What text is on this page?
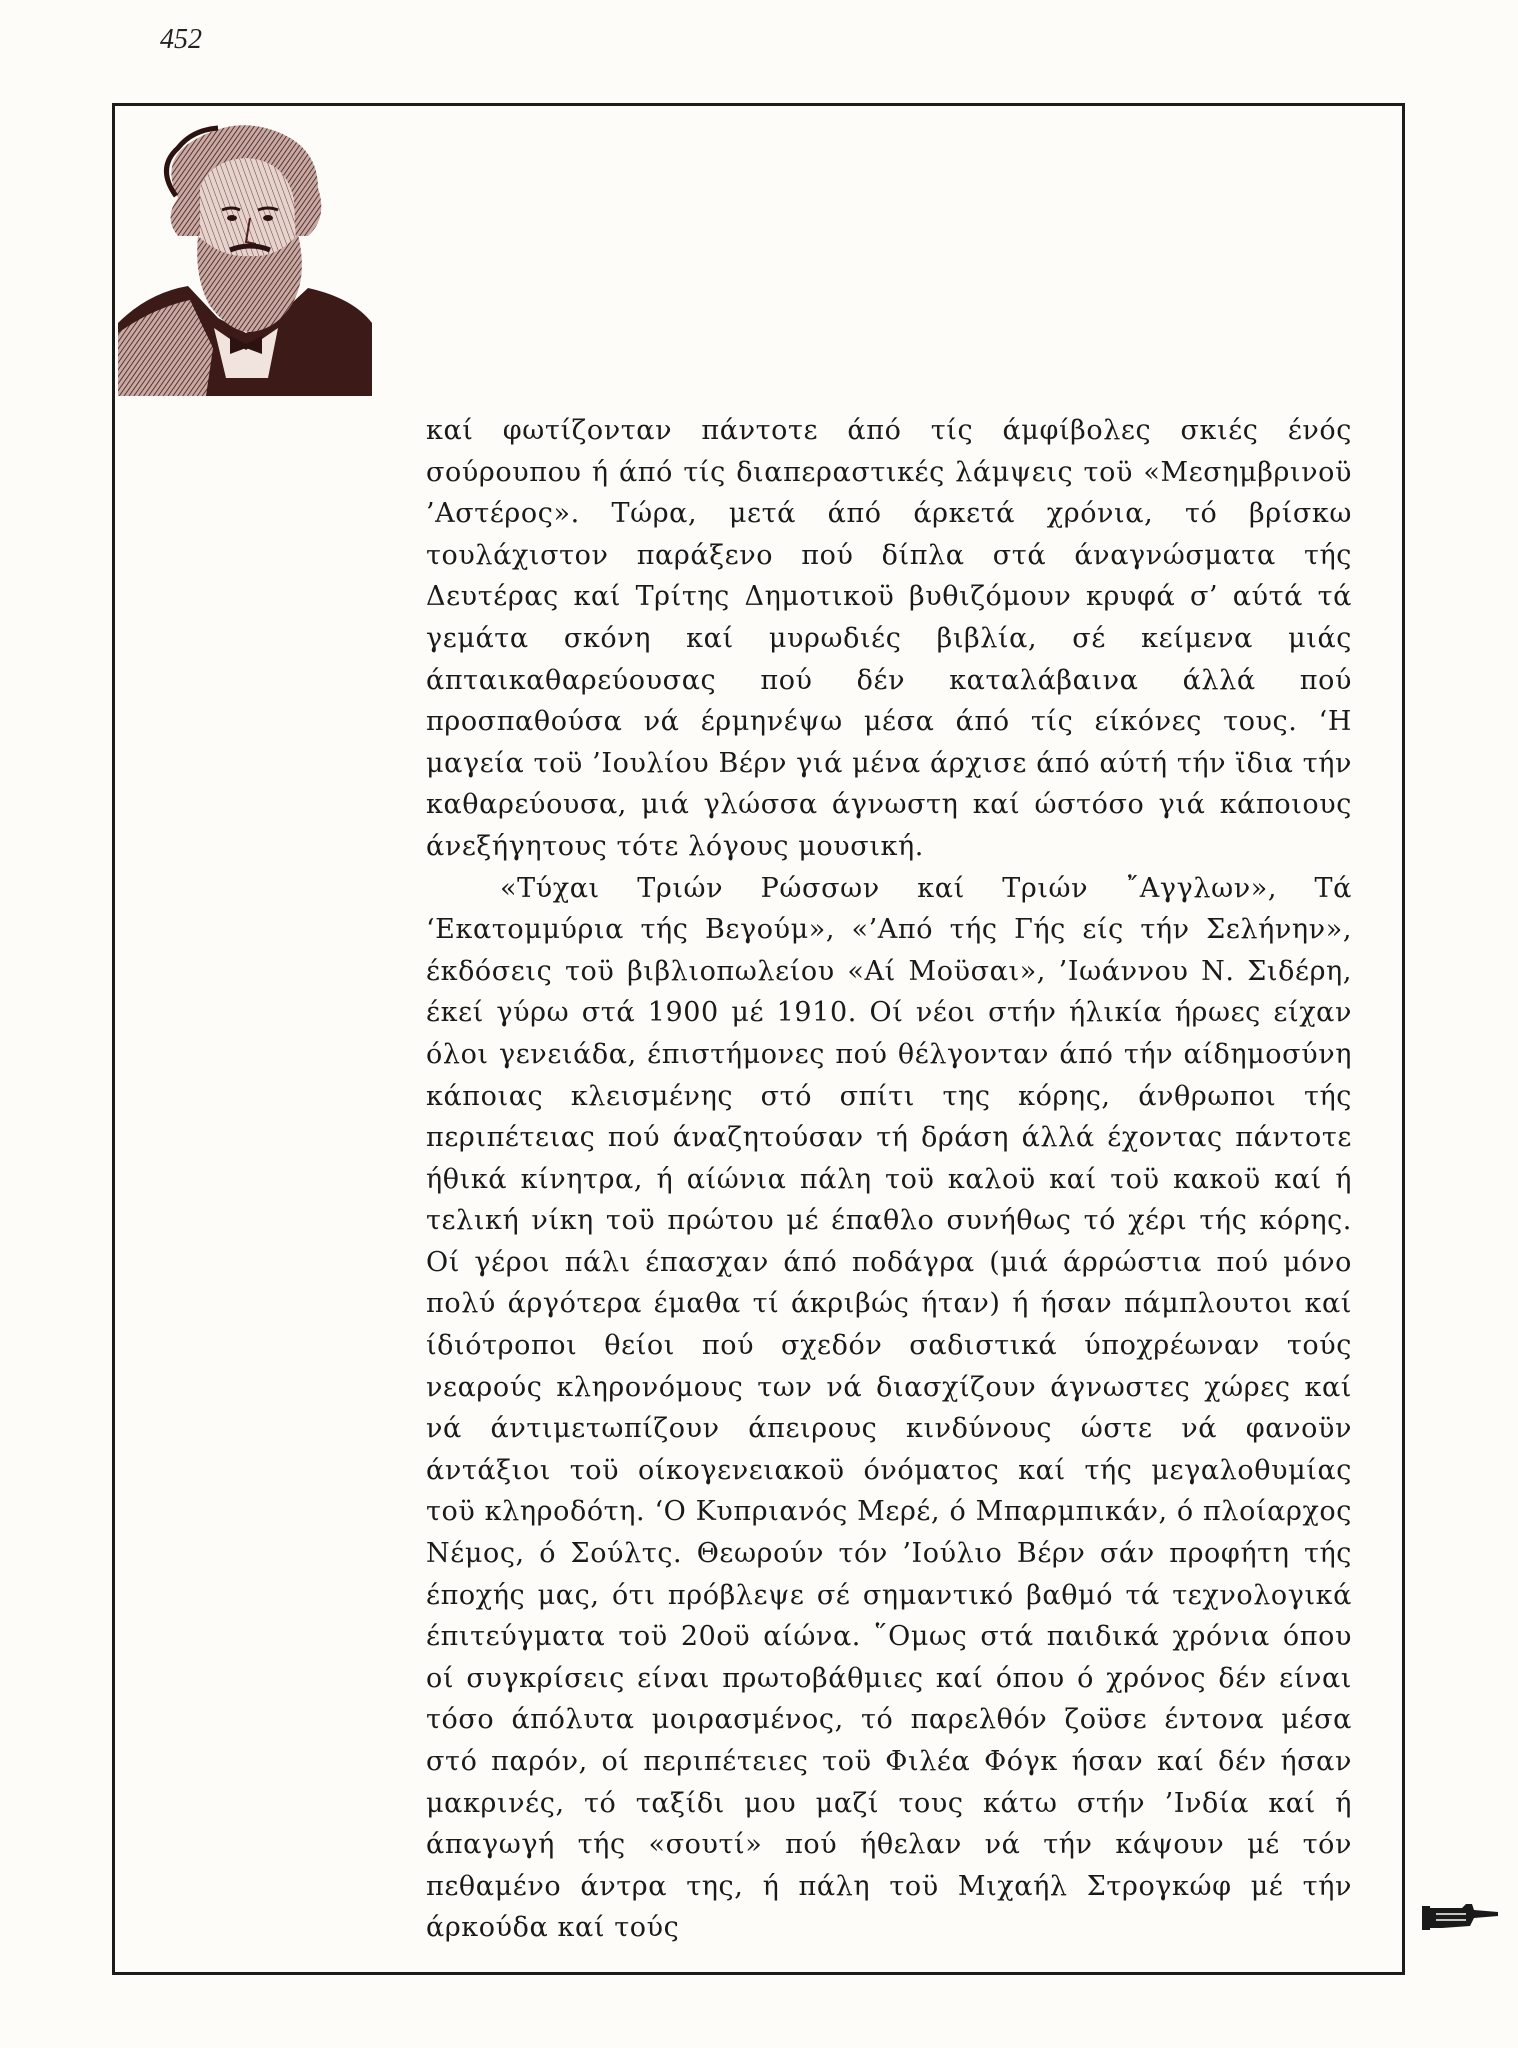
452

καί φωτίζονταν πάντοτε άπό τίς άμφίβολες σκιές ένός σούρουπου ή άπό τίς διαπεραστικές λάμψεις τοϋ «Μεσημβρινοϋ ’Αστέρος». Τώρα, μετά άπό άρκετά χρόνια, τό βρίσκω τουλάχιστον παράξενο πού δίπλα στά άναγνώσματα τής Δευτέρας καί Τρίτης Δημοτικοϋ βυθιζόμουν κρυφά σ’ αύτά τά γεμάτα σκόνη καί μυρωδιές βιβλία, σέ κείμενα μιάς άπταικαθαρεύουσας πού δέν καταλάβαινα άλλά πού προσπαθούσα νά έρμηνέψω μέσα άπό τίς είκόνες τους. ‘Η μαγεία τοϋ ’Ιουλίου Βέρν γιά μένα άρχισε άπό αύτή τήν ϊδια τήν καθαρεύουσα, μιά γλώσσα άγνωστη καί ώστόσο γιά κάποιους άνεξήγητους τότε λόγους μουσική.

«Τύχαι Τριών Ρώσσων καί Τριών ῎Αγγλων», Τά ‘Εκατομμύρια τής Βεγούμ», «’Από τής Γής είς τήν Σελήνην», έκδόσεις τοϋ βιβλιοπωλείου «Αί Μοϋσαι», ’Ιωάννου Ν. Σιδέρη, έκεί γύρω στά 1900 μέ 1910. Οί νέοι στήν ήλικία ήρωες είχαν όλοι γενειάδα, έπιστήμονες πού θέλγονταν άπό τήν αίδημοσύνη κάποιας κλεισμένης στό σπίτι της κόρης, άνθρωποι τής περιπέτειας πού άναζητούσαν τή δράση άλλά έχοντας πάντοτε ήθικά κίνητρα, ή αίώνια πάλη τοϋ καλοϋ καί τοϋ κακοϋ καί ή τελική νίκη τοϋ πρώτου μέ έπαθλο συνήθως τό χέρι τής κόρης. Οί γέροι πάλι έπασχαν άπό ποδάγρα (μιά άρρώστια πού μόνο πολύ άργότερα έμαθα τί άκριβώς ήταν) ή ήσαν πάμπλουτοι καί ίδιότροποι θείοι πού σχεδόν σαδιστικά ύποχρέωναν τούς νεαρούς κληρονόμους των νά διασχίζουν άγνωστες χώρες καί νά άντιμετωπίζουν άπειρους κινδύνους ώστε νά φανοϋν άντάξιοι τοϋ οίκογενειακοϋ όνόματος καί τής μεγαλοθυμίας τοϋ κληροδότη. ‘Ο Κυπριανός Μερέ, ό Μπαρμπικάν, ό πλοίαρχος Νέμος, ό Σούλτς. Θεωρούν τόν ’Ιούλιο Βέρν σάν προφήτη τής έποχής μας, ότι πρόβλεψε σέ σημαντικό βαθμό τά τεχνολογικά έπιτεύγματα τοϋ 20οϋ αίώνα. ῞Ομως στά παιδικά χρόνια όπου οί συγκρίσεις είναι πρωτοβάθμιες καί όπου ό χρόνος δέν είναι τόσο άπόλυτα μοιρασμένος, τό παρελθόν ζοϋσε έντονα μέσα στό παρόν, οί περιπέτειες τοϋ Φιλέα Φόγκ ήσαν καί δέν ήσαν μακρινές, τό ταξίδι μου μαζί τους κάτω στήν ’Ινδία καί ή άπαγωγή τής «σουτί» πού ήθελαν νά τήν κάψουν μέ τόν πεθαμένο άντρα της, ή πάλη τοϋ Μιχαήλ Στρογκώφ μέ τήν άρκούδα καί τούς
